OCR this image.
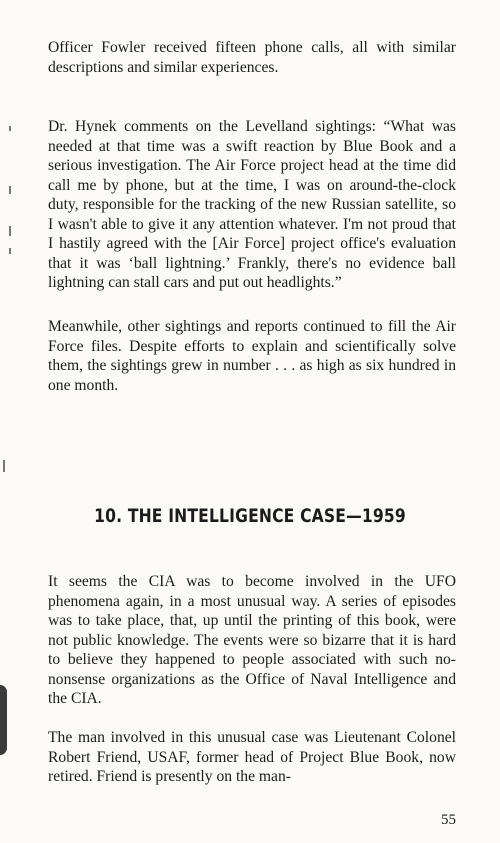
Officer Fowler received fifteen phone calls, all with similar descriptions and similar experiences.

Dr. Hynek comments on the Levelland sightings: “What was needed at that time was a swift reaction by Blue Book and a serious investigation. The Air Force project head at the time did call me by phone, but at the time, I was on around-the-clock duty, responsible for the tracking of the new Russian satellite, so I wasn't able to give it any attention whatever. I'm not proud that I hastily agreed with the [Air Force] project office's evaluation that it was ‘ball lightning.’ Frankly, there's no evidence ball lightning can stall cars and put out headlights.”

Meanwhile, other sightings and reports continued to fill the Air Force files. Despite efforts to explain and scientifically solve them, the sightings grew in number . . . as high as six hundred in one month.

10. THE INTELLIGENCE CASE—1959

It seems the CIA was to become involved in the UFO phenomena again, in a most unusual way. A series of episodes was to take place, that, up until the printing of this book, were not public knowledge. The events were so bizarre that it is hard to believe they happened to people associated with such no-nonsense organizations as the Office of Naval Intelligence and the CIA.

The man involved in this unusual case was Lieutenant Colonel Robert Friend, USAF, former head of Project Blue Book, now retired. Friend is presently on the man-

55
